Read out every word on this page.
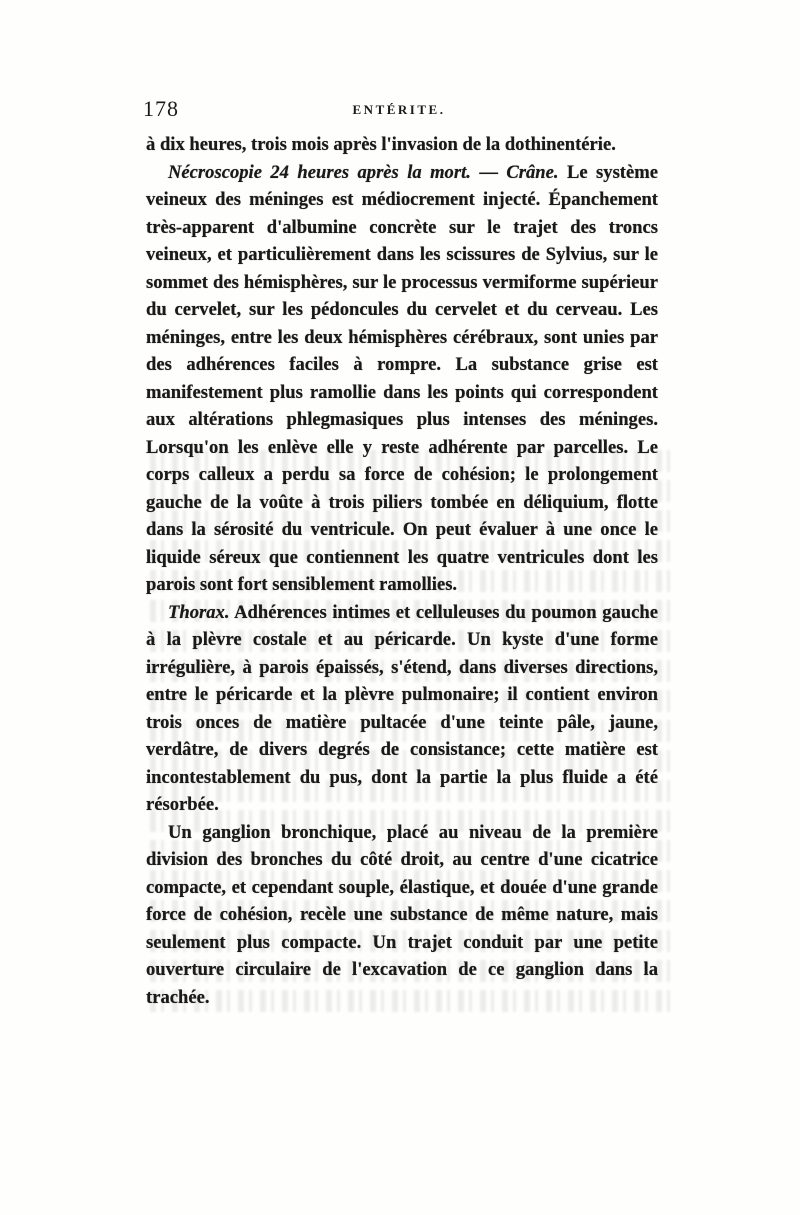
178	ENTÉRITE.

à dix heures, trois mois après l'invasion de la dothinentérie.

Nécroscopie 24 heures après la mort. — Crâne. Le système veineux des méninges est médiocrement injecté. Épanchement très-apparent d'albumine concrète sur le trajet des troncs veineux, et particulièrement dans les scissures de Sylvius, sur le sommet des hémisphères, sur le processus vermiforme supérieur du cervelet, sur les pédoncules du cervelet et du cerveau. Les méninges, entre les deux hémisphères cérébraux, sont unies par des adhérences faciles à rompre. La substance grise est manifestement plus ramollie dans les points qui correspondent aux altérations phlegmasiques plus intenses des méninges. Lorsqu'on les enlève elle y reste adhérente par parcelles. Le corps calleux a perdu sa force de cohésion; le prolongement gauche de la voûte à trois piliers tombée en déliquium, flotte dans la sérosité du ventricule. On peut évaluer à une once le liquide séreux que contiennent les quatre ventricules dont les parois sont fort sensiblement ramollies.

Thorax. Adhérences intimes et celluleuses du poumon gauche à la plèvre costale et au péricarde. Un kyste d'une forme irrégulière, à parois épaissés, s'étend, dans diverses directions, entre le péricarde et la plèvre pulmonaire; il contient environ trois onces de matière pultacée d'une teinte pâle, jaune, verdâtre, de divers degrés de consistance; cette matière est incontestablement du pus, dont la partie la plus fluide a été résorbée.

Un ganglion bronchique, placé au niveau de la première division des bronches du côté droit, au centre d'une cicatrice compacte, et cependant souple, élastique, et douée d'une grande force de cohésion, recèle une substance de même nature, mais seulement plus compacte. Un trajet conduit par une petite ouverture circulaire de l'excavation de ce ganglion dans la trachée.
